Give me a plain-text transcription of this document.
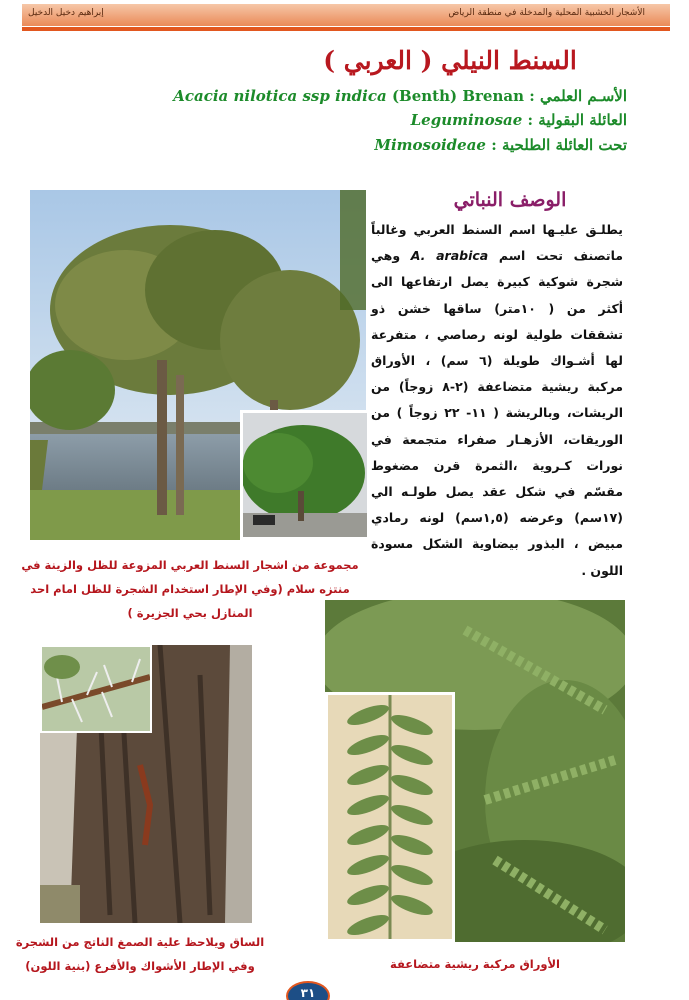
الأشجار الخشبية المحلية والمدخلة في منطقة الرياض
إبراهيم دخيل الدخيل
السنط النيلي ( العربي )
الأسـم العلمي : Acacia nilotica ssp indica (Benth) Brenan
العائلة البقولية : Leguminosae
تحت العائلة الطلحية : Mimosoideae
الوصف النباتي
يطلـق عليـها اسم السنط العربي وغالباً ماتصنف تحت اسم A. arabica وهي شجرة شوكية كبيرة يصل ارتفاعها الى أكثر من ( ١٠متر) ساقها خشن ذو تشققات طولية لونه رصاصي ، متفرعة لها أشـواك طويلة (٦ سم) ، الأوراق مركبة ريشية متضاعفة (٢-٨ زوجاً) من الريشات، وبالريشة ( ١١- ٢٢ زوجاً ) من الوريقات، الأزهـار صفراء متجمعة في نورات كـروية ،الثمرة قرن مضغوط مقسّم في شكل عقد يصل طولـه الي (١٧سم) وعرضه (١,٥سم) لونه رمادي مبيض ، البذور بيضاوية الشكل مسودة اللون .
مجموعة من اشجار السنط العربي المزوعة للظل والزينة في منتزه سلام (وفي الإطار استخدام الشجرة للظل امام احد المنازل بحي الجزيرة )
الساق ويلاحظ علية الصمغ الناتج من الشجرة وفي الإطار الأشواك والأفرع (بنية اللون)	الأوراق مركبة ريشية متضاعفة
٣١
